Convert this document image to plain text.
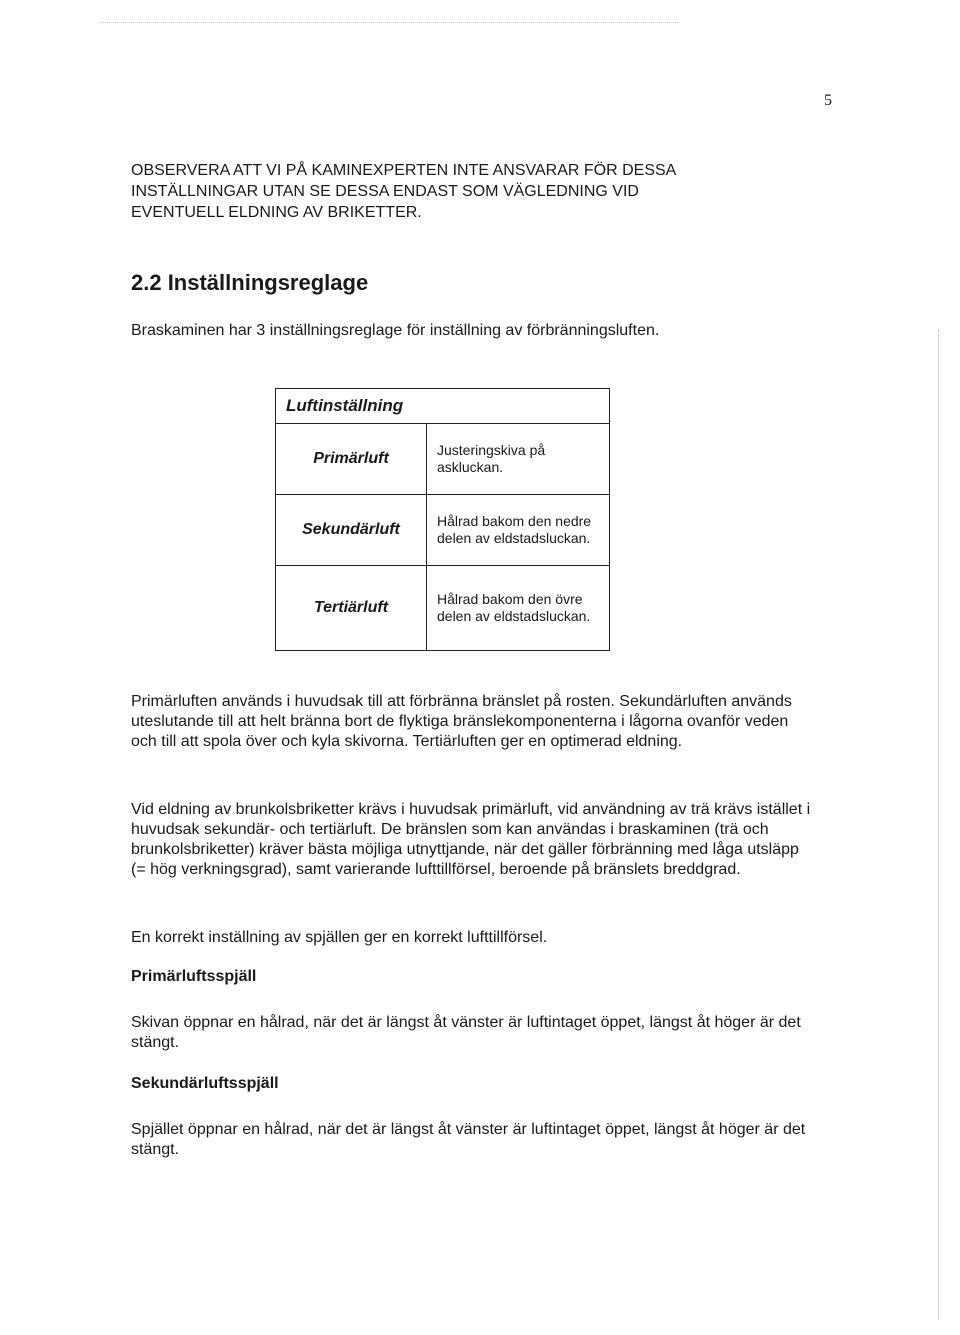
5
OBSERVERA ATT VI PÅ KAMINEXPERTEN INTE ANSVARAR FÖR DESSA
INSTÄLLNINGAR UTAN SE DESSA ENDAST SOM VÄGLEDNING VID
EVENTUELL ELDNING AV BRIKETTER.
2.2 Inställningsreglage
Braskaminen har 3 inställningsreglage för inställning av förbränningsluften.
Luftinställning	
Primärluft	Justeringskiva på askluckan.
Sekundärluft	Hålrad bakom den nedre delen av eldstadsluckan.
Tertiärluft	Hålrad bakom den övre delen av eldstadsluckan.
Primärluften används i huvudsak till att förbränna bränslet på rosten. Sekundärluften används uteslutande till att helt bränna bort de flyktiga bränslekomponenterna i lågorna ovanför veden och till att spola över och kyla skivorna. Tertiärluften ger en optimerad eldning.
Vid eldning av brunkolsbriketter krävs i huvudsak primärluft, vid användning av trä krävs istället i huvudsak sekundär- och tertiärluft. De bränslen som kan användas i braskaminen (trä och brunkolsbriketter) kräver bästa möjliga utnyttjande, när det gäller förbränning med låga utsläpp (= hög verkningsgrad), samt varierande lufttillförsel, beroende på bränslets breddgrad.
En korrekt inställning av spjällen ger en korrekt lufttillförsel.
Primärluftsspjäll
Skivan öppnar en hålrad, när det är längst åt vänster är luftintaget öppet, längst åt höger är det stängt.
Sekundärluftsspjäll
Spjället öppnar en hålrad, när det är längst åt vänster är luftintaget öppet, längst åt höger är det stängt.
